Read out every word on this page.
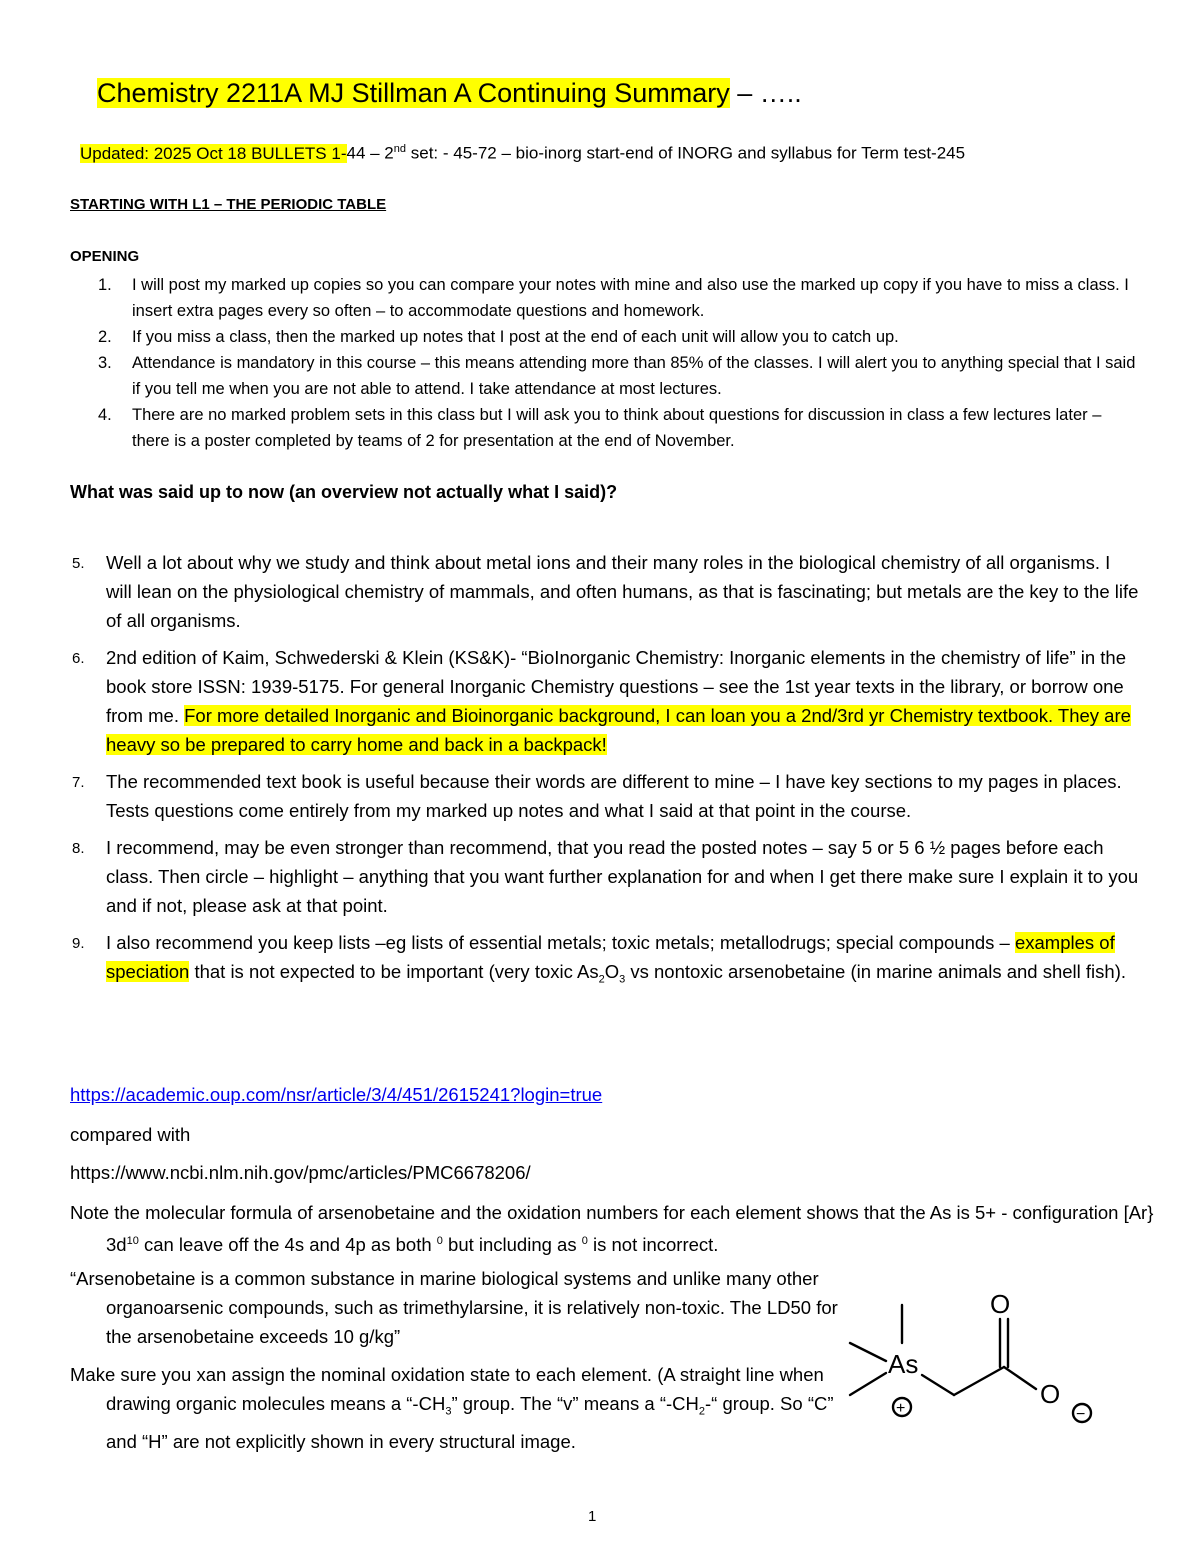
Chemistry 2211A MJ Stillman A Continuing Summary – …..
Updated: 2025 Oct 18 BULLETS 1-44 – 2nd set: - 45-72 – bio-inorg start-end of INORG and syllabus for Term test-245
STARTING WITH L1 – THE PERIODIC TABLE
OPENING
1. I will post my marked up copies so you can compare your notes with mine and also use the marked up copy if you have to miss a class. I insert extra pages every so often – to accommodate questions and homework.
2. If you miss a class, then the marked up notes that I post at the end of each unit will allow you to catch up.
3. Attendance is mandatory in this course – this means attending more than 85% of the classes. I will alert you to anything special that I said if you tell me when you are not able to attend. I take attendance at most lectures.
4. There are no marked problem sets in this class but I will ask you to think about questions for discussion in class a few lectures later – there is a poster completed by teams of 2 for presentation at the end of November.
What was said up to now (an overview not actually what I said)?
5. Well a lot about why we study and think about metal ions and their many roles in the biological chemistry of all organisms. I will lean on the physiological chemistry of mammals, and often humans, as that is fascinating; but metals are the key to the life of all organisms.
6. 2nd edition of Kaim, Schwederski & Klein (KS&K)- “BioInorganic Chemistry: Inorganic elements in the chemistry of life” in the book store ISSN: 1939-5175. For general Inorganic Chemistry questions – see the 1st year texts in the library, or borrow one from me. For more detailed Inorganic and Bioinorganic background, I can loan you a 2nd/3rd yr Chemistry textbook. They are heavy so be prepared to carry home and back in a backpack!
7. The recommended text book is useful because their words are different to mine – I have key sections to my pages in places. Tests questions come entirely from my marked up notes and what I said at that point in the course.
8. I recommend, may be even stronger than recommend, that you read the posted notes – say 5 or 5 6 ½ pages before each class. Then circle – highlight – anything that you want further explanation for and when I get there make sure I explain it to you and if not, please ask at that point.
9. I also recommend you keep lists –eg lists of essential metals; toxic metals; metallodrugs; special compounds – examples of speciation that is not expected to be important (very toxic $As_2O_3$ vs nontoxic arsenobetaine (in marine animals and shell fish).
https://academic.oup.com/nsr/article/3/4/451/2615241?login=true
compared with
https://www.ncbi.nlm.nih.gov/pmc/articles/PMC6678206/
Note the molecular formula of arsenobetaine and the oxidation numbers for each element shows that the As is 5+ - configuration [Ar} $3d^{10}$ can leave off the 4s and 4p as both $^0$ but including as $^0$ is not incorrect.
“Arsenobetaine is a common substance in marine biological systems and unlike many other organoarsenic compounds, such as trimethylarsine, it is relatively non-toxic. The LD50 for the arsenobetaine exceeds 10 g/kg”
Make sure you xan assign the nominal oxidation state to each element. (A straight line when drawing organic molecules means a “$-CH_3$” group. The “v” means a “$-CH_2-“$ group. So “C” and “H” are not explicitly shown in every structural image.
As
O
O
+	−
1
